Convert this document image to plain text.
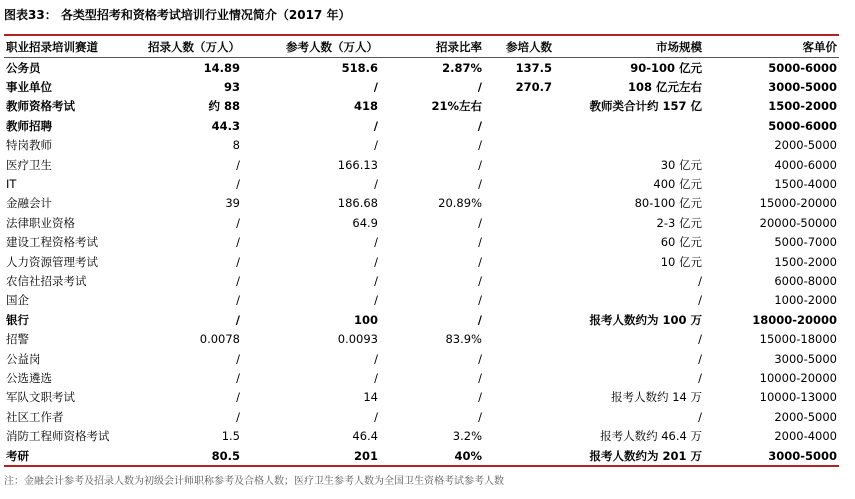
图表33： 各类型招考和资格考试培训行业情况简介（2017 年）
职业招录培训赛道	招录人数（万人）	参考人数（万人）	招录比率	参培人数	市场规模	客单价
公务员	14.89	518.6	2.87%	137.5	90-100 亿元	5000-6000
事业单位	93	/	/	270.7	108 亿元左右	3000-5000
教师资格考试	约 88	418	21%左右		教师类合计约 157 亿	1500-2000
教师招聘	44.3	/	/			5000-6000
特岗教师	8	/	/			2000-5000
医疗卫生	/	166.13	/		30 亿元	4000-6000
IT	/	/	/		400 亿元	1500-4000
金融会计	39	186.68	20.89%		80-100 亿元	15000-20000
法律职业资格	/	64.9	/		2-3 亿元	20000-50000
建设工程资格考试	/	/	/		60 亿元	5000-7000
人力资源管理考试	/	/	/		10 亿元	1500-2000
农信社招录考试	/	/	/		/	6000-8000
国企	/	/	/		/	1000-2000
银行	/	100	/		报考人数约为 100 万	18000-20000
招警	0.0078	0.0093	83.9%		/	15000-18000
公益岗	/	/	/		/	3000-5000
公选遴选	/	/	/		/	10000-20000
军队文职考试	/	14	/		报考人数约 14 万	10000-13000
社区工作者	/	/	/		/	2000-5000
消防工程师资格考试	1.5	46.4	3.2%		报考人数约 46.4 万	2000-4000
考研	80.5	201	40%		报考人数约为 201 万	3000-5000
注：金融会计参考及招录人数为初级会计师职称参考及合格人数；医疗卫生参考人数为全国卫生资格考试参考人数
